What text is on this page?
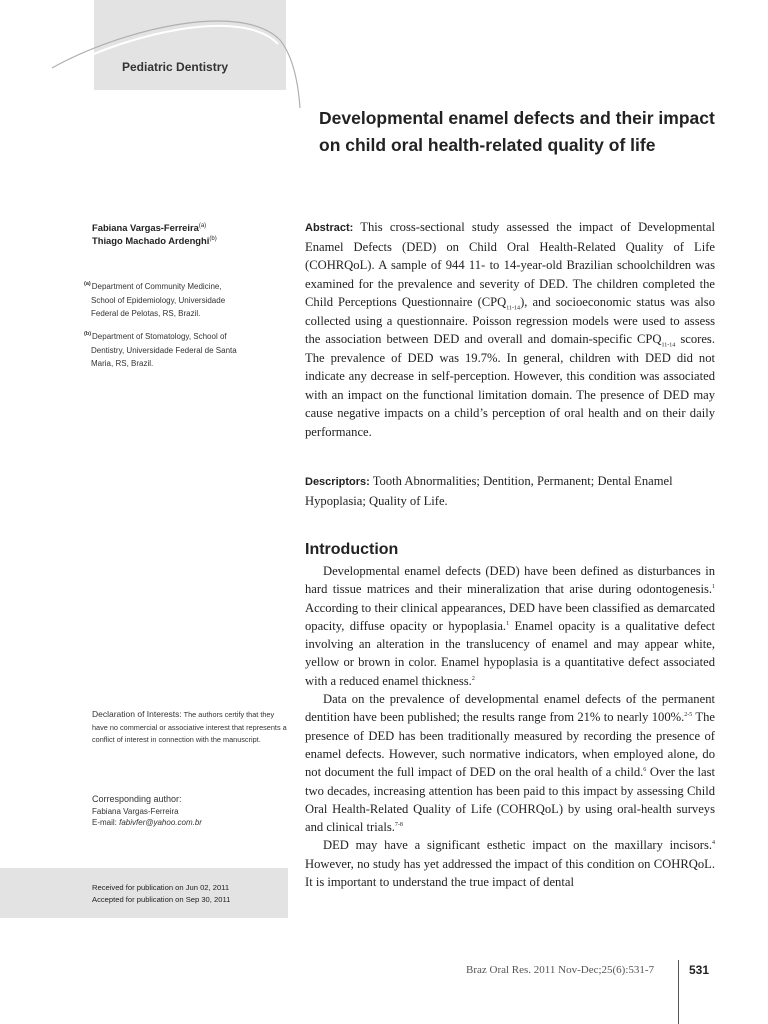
Pediatric Dentistry
Developmental enamel defects and their impact on child oral health-related quality of life
Fabiana Vargas-Ferreira$^{(a)}$
Thiago Machado Ardenghi$^{(b)}$
$^{(a)}$Department of Community Medicine,
School of Epidemiology, Universidade
Federal de Pelotas, RS, Brazil.
$^{(b)}$Department of Stomatology, School of
Dentistry, Universidade Federal de Santa
Maria, RS, Brazil.
Declaration of Interests: The authors certify that they have no commercial or associative interest that represents a conflict of interest in connection with the manuscript.
Corresponding author:
Fabiana Vargas-Ferreira
E-mail: fabivfer@yahoo.com.br
Received for publication on Jun 02, 2011
Accepted for publication on Sep 30, 2011
Abstract: This cross-sectional study assessed the impact of Developmental Enamel Defects (DED) on Child Oral Health-Related Quality of Life (COHRQoL). A sample of 944 11- to 14-year-old Brazilian schoolchildren was examined for the prevalence and severity of DED. The children completed the Child Perceptions Questionnaire $(CPQ_{11-14})$, and socioeconomic status was also collected using a questionnaire. Poisson regression models were used to assess the association between DED and overall and domain-specific $CPQ_{11-14}$ scores. The prevalence of DED was 19.7%. In general, children with DED did not indicate any decrease in self-perception. However, this condition was associated with an impact on the functional limitation domain. The presence of DED may cause negative impacts on a child’s perception of oral health and on their daily performance.
Descriptors: Tooth Abnormalities; Dentition, Permanent; Dental Enamel Hypoplasia; Quality of Life.
Introduction

Developmental enamel defects (DED) have been defined as disturbances in hard tissue matrices and their mineralization that arise during odontogenesis.$^1$ According to their clinical appearances, DED have been classified as demarcated opacity, diffuse opacity or hypoplasia.$^1$ Enamel opacity is a qualitative defect involving an alteration in the translucency of enamel and may appear white, yellow or brown in color. Enamel hypoplasia is a quantitative defect associated with a reduced enamel thickness.$^2$

Data on the prevalence of developmental enamel defects of the permanent dentition have been published; the results range from 21% to nearly 100%.$^{2-5}$ The presence of DED has been traditionally measured by recording the presence of enamel defects. However, such normative indicators, when employed alone, do not document the full impact of DED on the oral health of a child.$^6$ Over the last two decades, increasing attention has been paid to this impact by assessing Child Oral Health-Related Quality of Life (COHRQoL) by using oral-health surveys and clinical trials.$^{7-8}$

DED may have a significant esthetic impact on the maxillary incisors.$^4$ However, no study has yet addressed the impact of this condition on COHRQoL. It is important to understand the true impact of dental

Braz Oral Res. 2011 Nov-Dec;25(6):531-7	531
